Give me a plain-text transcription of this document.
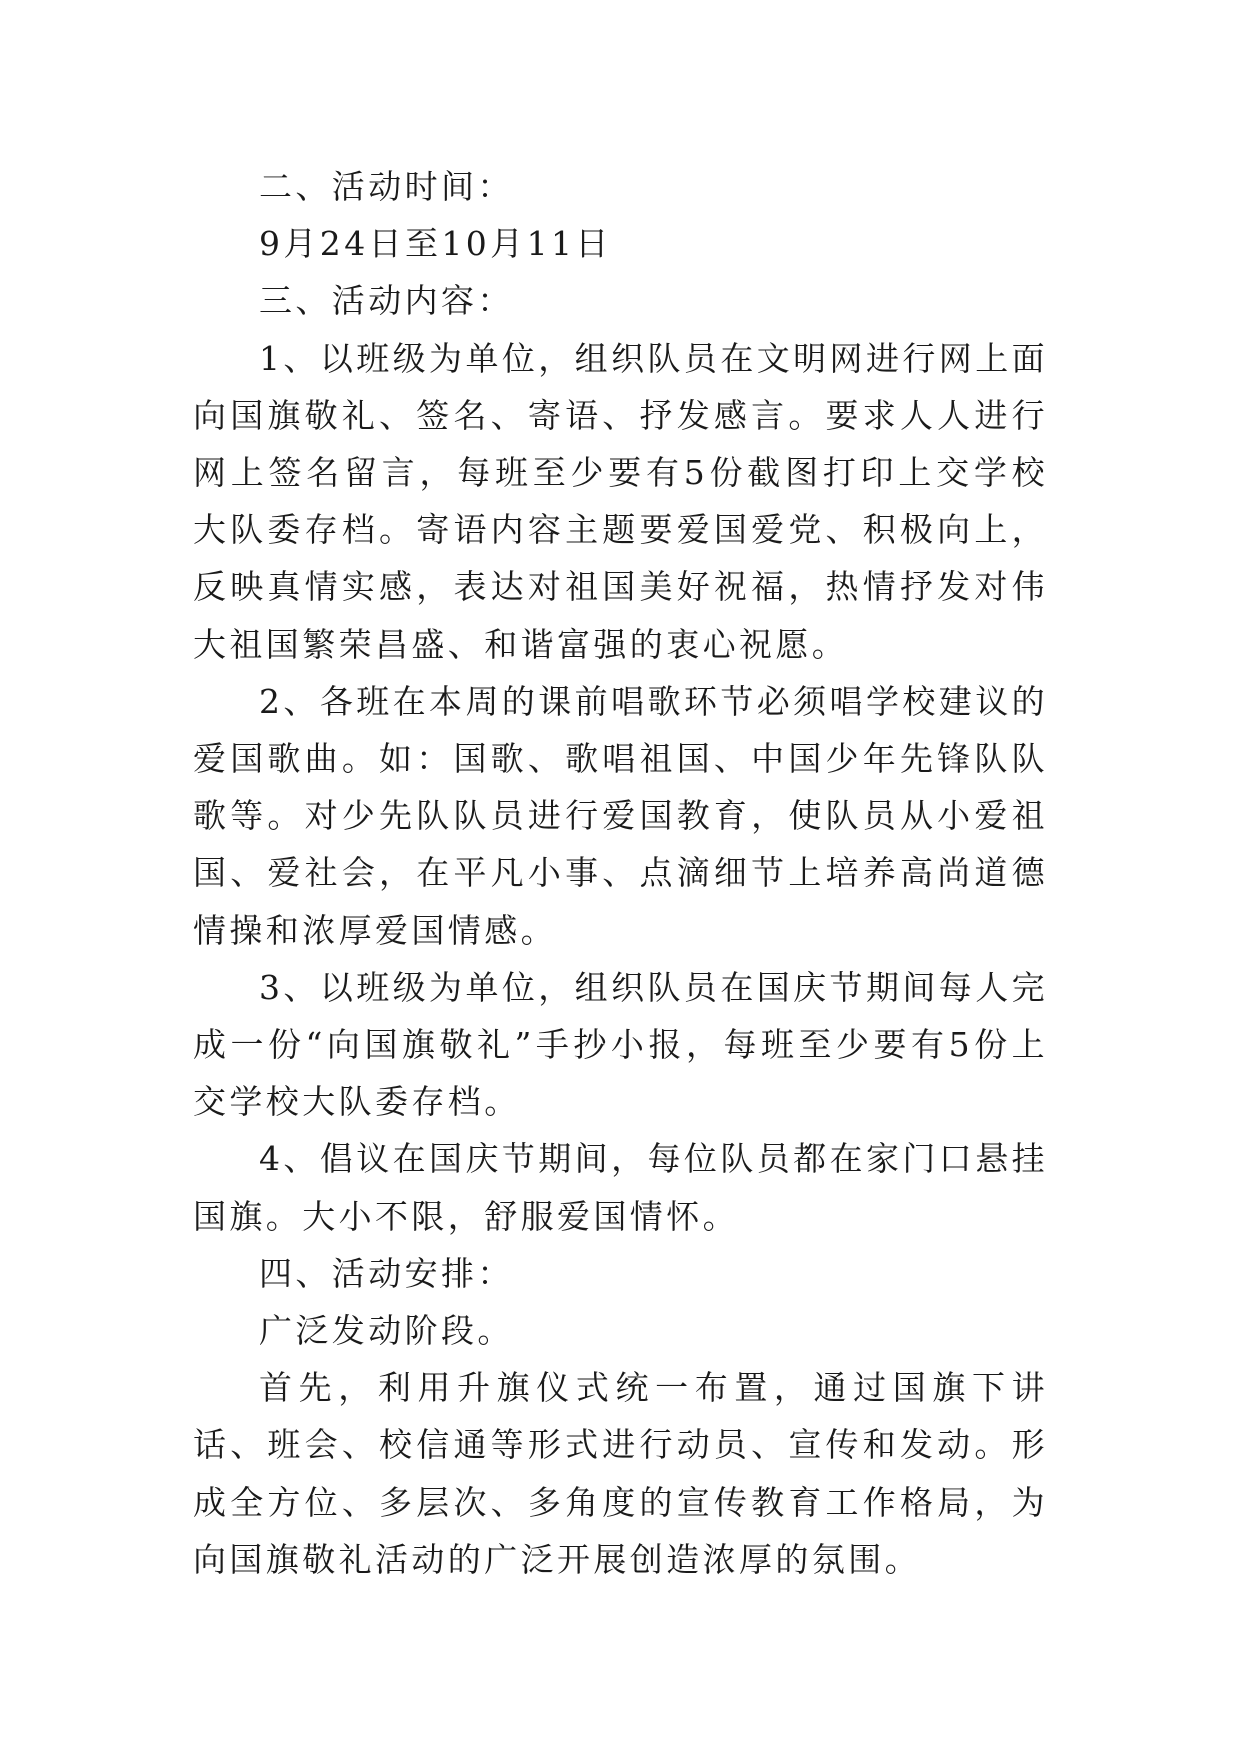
二、活动时间：

9月24日至10月11日

三、活动内容：

1、以班级为单位，组织队员在文明网进行网上面向国旗敬礼、签名、寄语、抒发感言。要求人人进行网上签名留言，每班至少要有5份截图打印上交学校大队委存档。寄语内容主题要爱国爱党、积极向上，反映真情实感，表达对祖国美好祝福，热情抒发对伟大祖国繁荣昌盛、和谐富强的衷心祝愿。

2、各班在本周的课前唱歌环节必须唱学校建议的爱国歌曲。如：国歌、歌唱祖国、中国少年先锋队队歌等。对少先队队员进行爱国教育，使队员从小爱祖国、爱社会，在平凡小事、点滴细节上培养高尚道德情操和浓厚爱国情感。

3、以班级为单位，组织队员在国庆节期间每人完成一份“向国旗敬礼”手抄小报，每班至少要有5份上交学校大队委存档。

4、倡议在国庆节期间，每位队员都在家门口悬挂国旗。大小不限，舒服爱国情怀。

四、活动安排：

广泛发动阶段。

首先，利用升旗仪式统一布置，通过国旗下讲话、班会、校信通等形式进行动员、宣传和发动。形成全方位、多层次、多角度的宣传教育工作格局，为向国旗敬礼活动的广泛开展创造浓厚的氛围。
